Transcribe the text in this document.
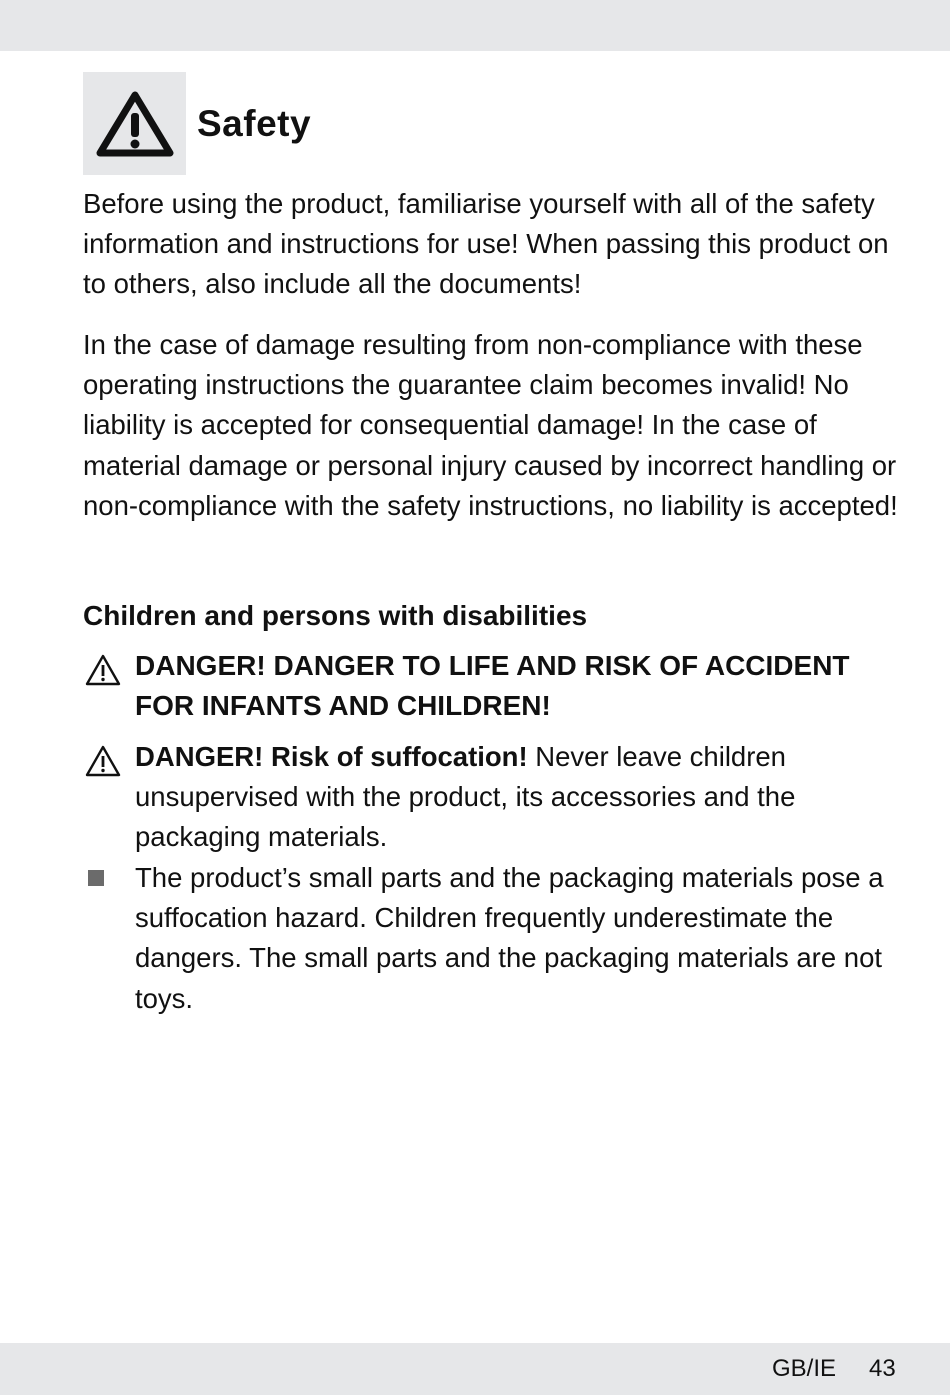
Safety

Before using the product, familiarise yourself with all of the safety information and instructions for use! When passing this product on to others, also include all the documents!

In the case of damage resulting from non-compliance with these operating instructions the guarantee claim becomes invalid! No liability is accepted for consequential damage! In the case of material damage or personal injury caused by incorrect handling or non-compliance with the safety instructions, no liability is accepted!

Children and persons with disabilities

DANGER! DANGER TO LIFE AND RISK OF ACCIDENT FOR INFANTS AND CHILDREN!

DANGER! Risk of suffocation! Never leave children unsupervised with the product, its accessories and the packaging materials.

The product’s small parts and the packaging materials pose a suffocation hazard. Children frequently underestimate the dangers. The small parts and the packaging materials are not toys.

GB/IE 43
